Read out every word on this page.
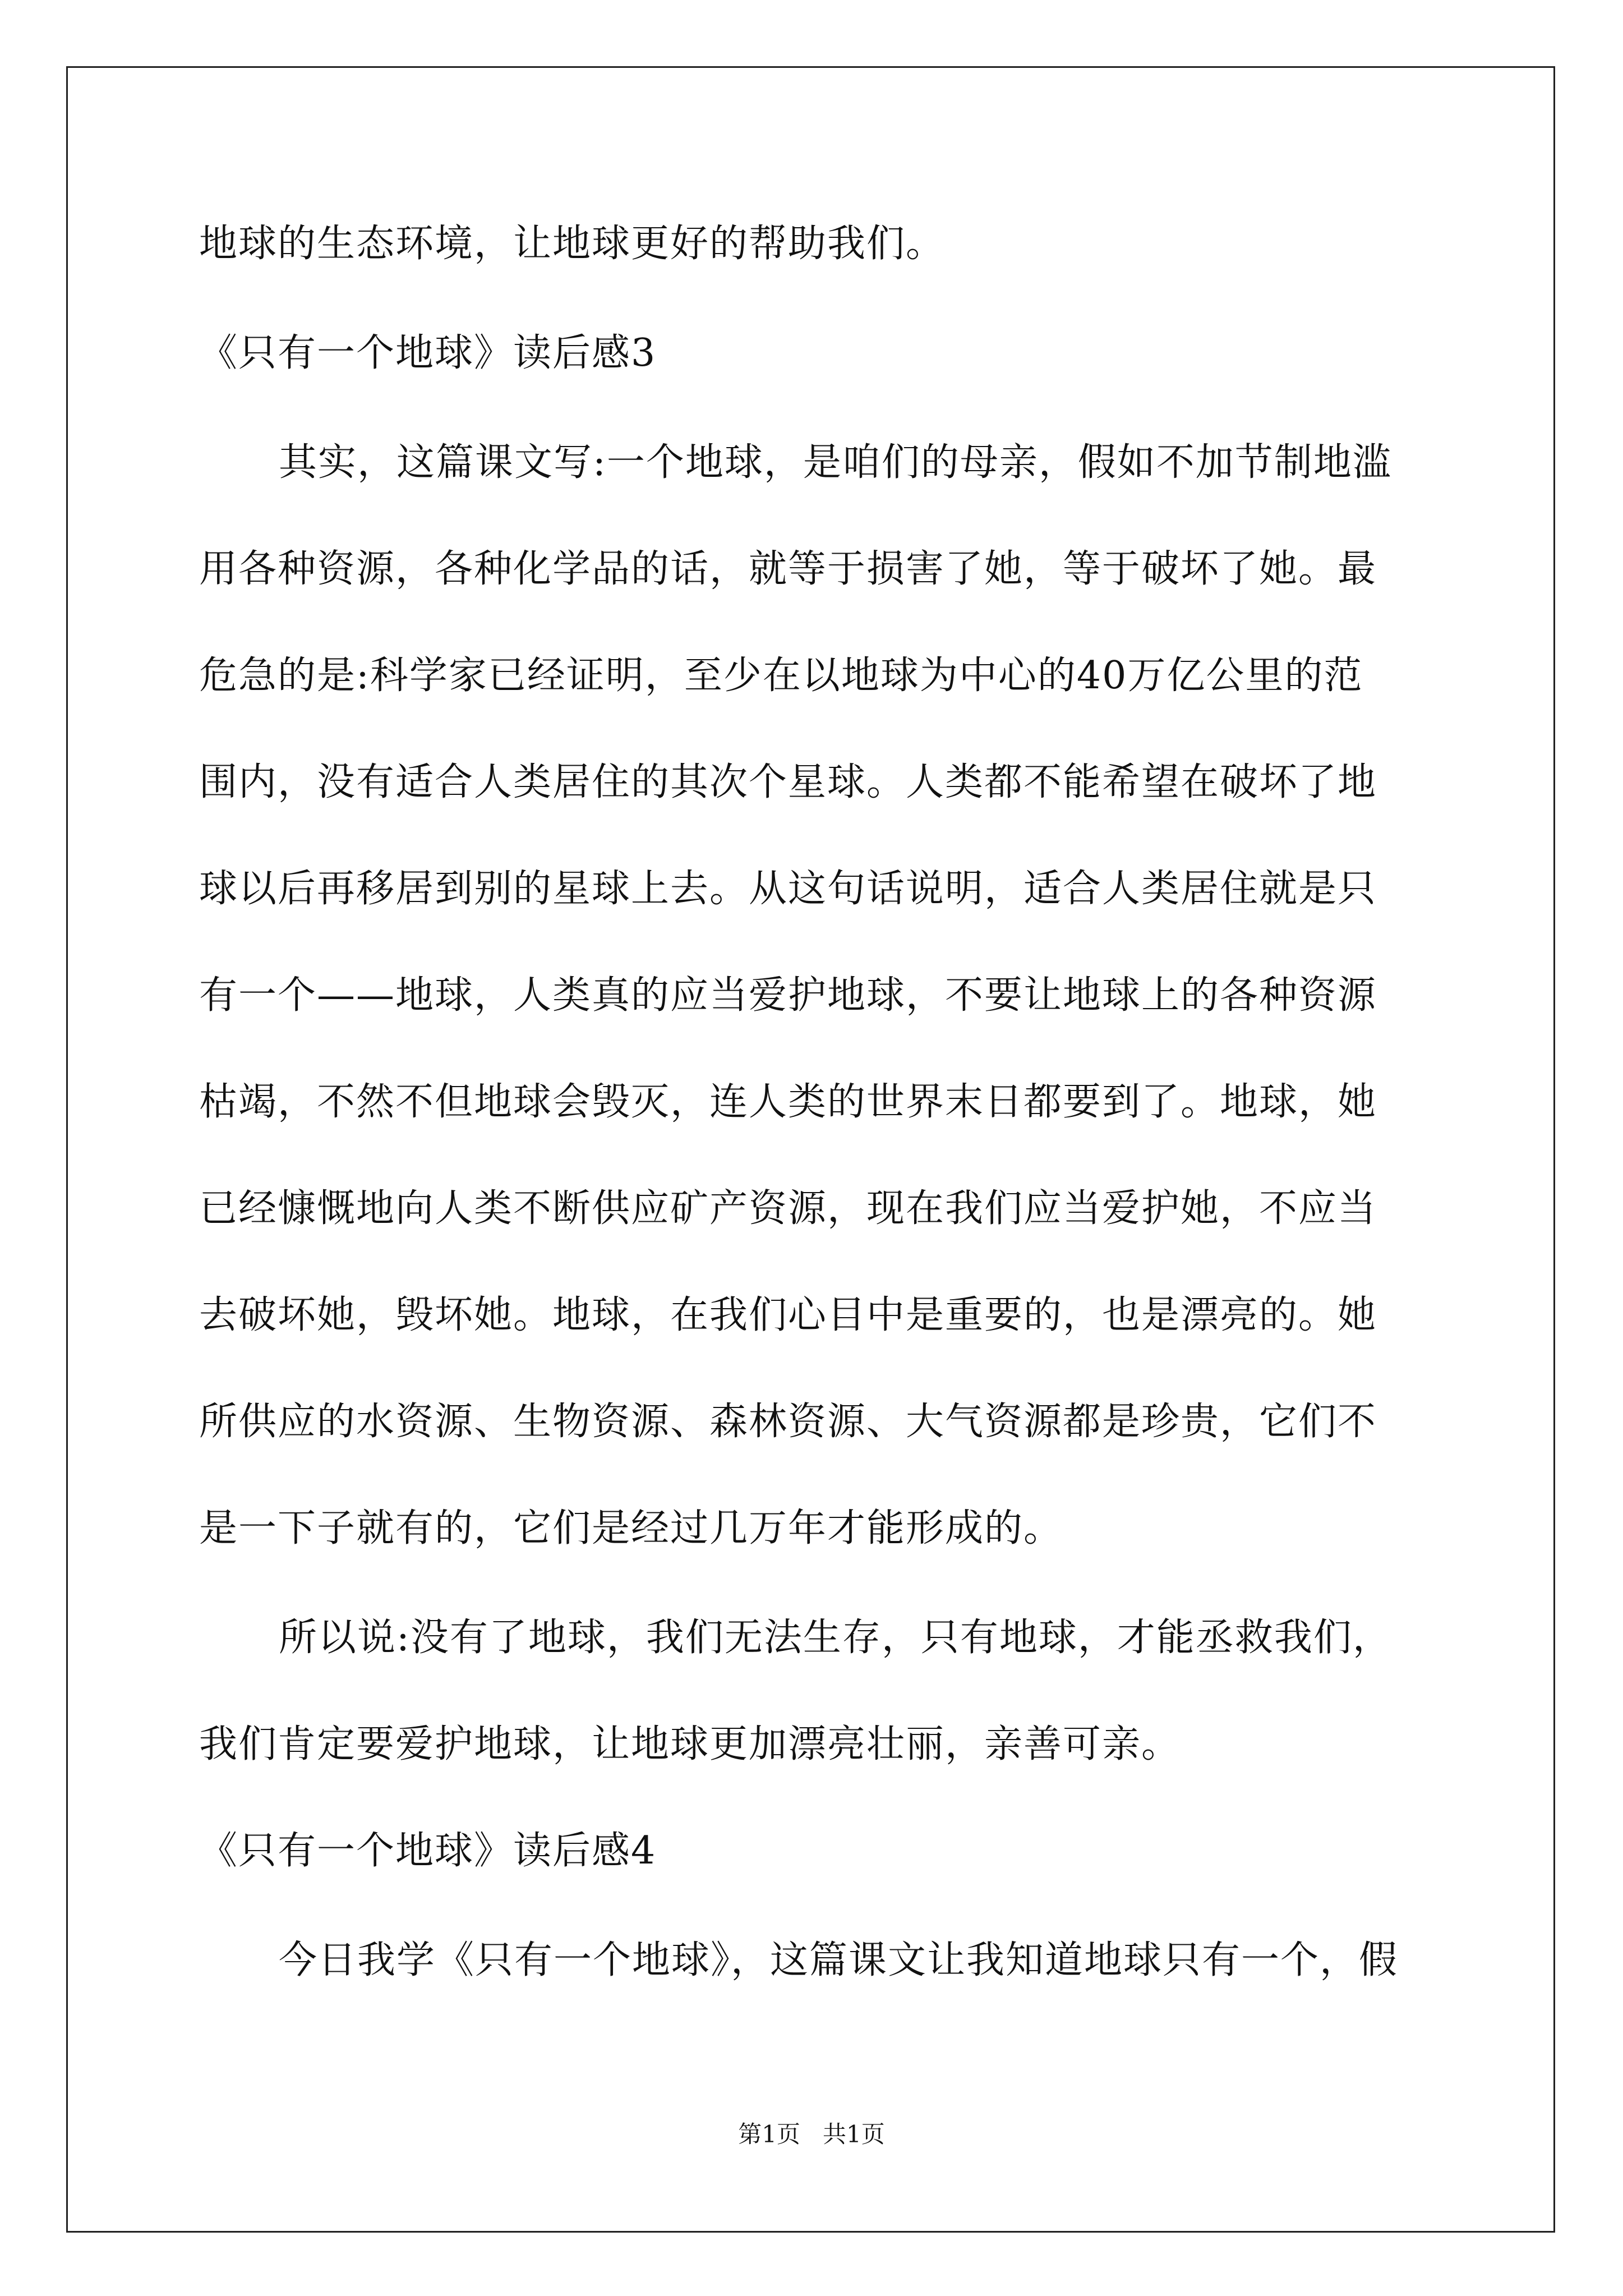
地球的生态环境，让地球更好的帮助我们。
《只有一个地球》读后感3
其实，这篇课文写:一个地球，是咱们的母亲，假如不加节制地滥
用各种资源，各种化学品的话，就等于损害了她，等于破坏了她。最
危急的是:科学家已经证明，至少在以地球为中心的40万亿公里的范
围内，没有适合人类居住的其次个星球。人类都不能希望在破坏了地
球以后再移居到别的星球上去。从这句话说明，适合人类居住就是只
有一个——地球，人类真的应当爱护地球，不要让地球上的各种资源
枯竭，不然不但地球会毁灭，连人类的世界末日都要到了。地球，她
已经慷慨地向人类不断供应矿产资源，现在我们应当爱护她，不应当
去破坏她，毁坏她。地球，在我们心目中是重要的，也是漂亮的。她
所供应的水资源、生物资源、森林资源、大气资源都是珍贵，它们不
是一下子就有的，它们是经过几万年才能形成的。
所以说:没有了地球，我们无法生存，只有地球，才能丞救我们，
我们肯定要爱护地球，让地球更加漂亮壮丽，亲善可亲。
《只有一个地球》读后感4
今日我学《只有一个地球》，这篇课文让我知道地球只有一个，假
第1页   共1页
